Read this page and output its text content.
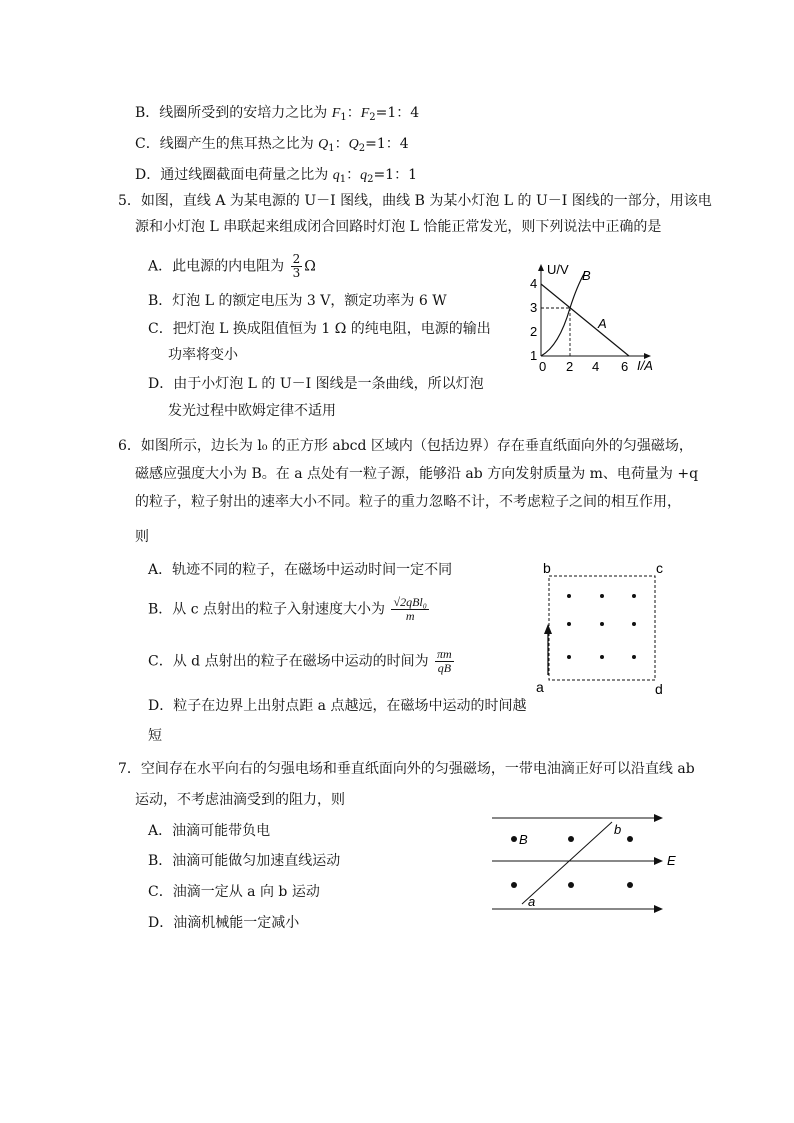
B．线圈所受到的安培力之比为 $F_1$：$F_2=1$：4
C．线圈产生的焦耳热之比为 $Q_1$：$Q_2=1$：4
D．通过线圈截面电荷量之比为 $q_1$：$q_2=1$：1
5．如图，直线 A 为某电源的 U－I 图线，曲线 B 为某小灯泡 L 的 U－I 图线的一部分，用该电
源和小灯泡 L 串联起来组成闭合回路时灯泡 L 恰能正常发光，则下列说法中正确的是
A．此电源的内电阻为 $\frac{2}{3}$ Ω
B．灯泡 L 的额定电压为 3 V，额定功率为 6 W
C．把灯泡 L 换成阻值恒为 1 Ω 的纯电阻，电源的输出
功率将变小
D．由于小灯泡 L 的 U－I 图线是一条曲线，所以灯泡
发光过程中欧姆定律不适用
U/V
I/A
B
A
1
2
3
4
0 2 4 6
6．如图所示，边长为 l₀ 的正方形 abcd 区域内（包括边界）存在垂直纸面向外的匀强磁场，
磁感应强度大小为 B。在 a 点处有一粒子源，能够沿 ab 方向发射质量为 m、电荷量为 +q
的粒子，粒子射出的速率大小不同。粒子的重力忽略不计，不考虑粒子之间的相互作用，
则
A．轨迹不同的粒子，在磁场中运动时间一定不同
B．从 c 点射出的粒子入射速度大小为 $\frac{\text{√2qBl₀}}{m}$
C．从 d 点射出的粒子在磁场中运动的时间为 $\frac{\pi m}{qB}$
D．粒子在边界上出射点距 a 点越远，在磁场中运动的时间越
短
b	c
a	d
7．空间存在水平向右的匀强电场和垂直纸面向外的匀强磁场，一带电油滴正好可以沿直线 ab
运动，不考虑油滴受到的阻力，则
A．油滴可能带负电
B．油滴可能做匀加速直线运动
C．油滴一定从 a 向 b 运动
D．油滴机械能一定减小
B
E
a
b
